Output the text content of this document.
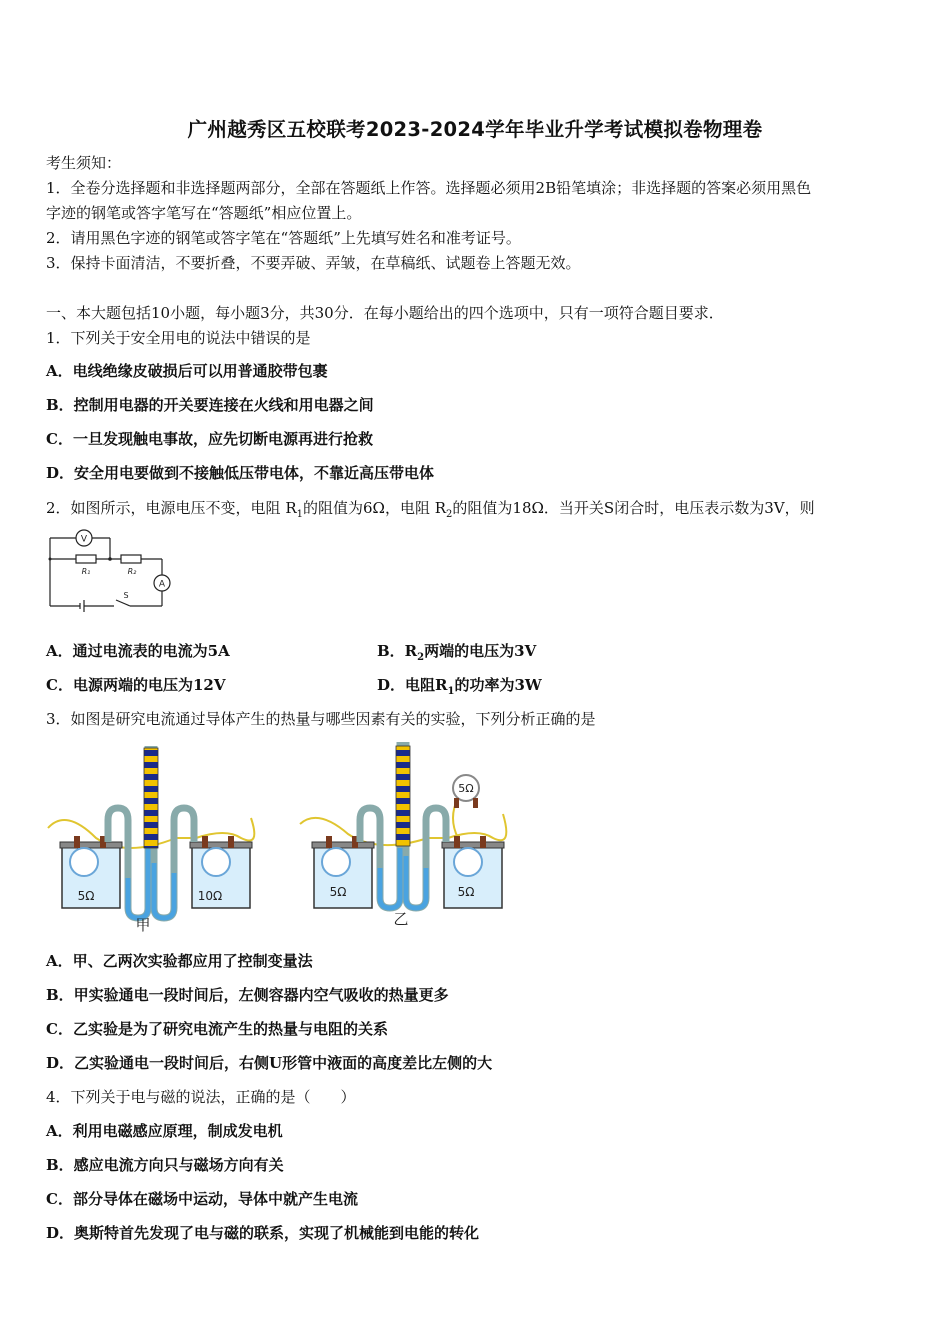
广州越秀区五校联考2023-2024学年毕业升学考试模拟卷物理卷
考生须知：
1．全卷分选择题和非选择题两部分，全部在答题纸上作答。选择题必须用2B铅笔填涂；非选择题的答案必须用黑色
字迹的钢笔或答字笔写在“答题纸”相应位置上。
2．请用黑色字迹的钢笔或答字笔在“答题纸”上先填写姓名和准考证号。
3．保持卡面清洁，不要折叠，不要弄破、弄皱，在草稿纸、试题卷上答题无效。
一、本大题包括10小题，每小题3分，共30分．在每小题给出的四个选项中，只有一项符合题目要求．
1．下列关于安全用电的说法中错误的是
A．电线绝缘皮破损后可以用普通胶带包裹
B．控制用电器的开关要连接在火线和用电器之间
C．一旦发现触电事故，应先切断电源再进行抢救
D．安全用电要做到不接触低压带电体，不靠近高压带电体
2．如图所示，电源电压不变，电阻 $R_1$的阻值为6Ω，电阻 $R_2$的阻值为18Ω．当开关S闭合时，电压表示数为3V，则
V
A
R₁	R₂
S
A．通过电流表的电流为5A	B．$R_2$两端的电压为3V
C．电源两端的电压为12V	D．电阻$R_1$的功率为3W
3．如图是研究电流通过导体产生的热量与哪些因素有关的实验，下列分析正确的是
5Ω	10Ω
甲
5Ω
5Ω	5Ω
乙
A．甲、乙两次实验都应用了控制变量法
B．甲实验通电一段时间后，左侧容器内空气吸收的热量更多
C．乙实验是为了研究电流产生的热量与电阻的关系
D．乙实验通电一段时间后，右侧U形管中液面的高度差比左侧的大
4．下列关于电与磁的说法，正确的是（　　）
A．利用电磁感应原理，制成发电机
B．感应电流方向只与磁场方向有关
C．部分导体在磁场中运动，导体中就产生电流
D．奥斯特首先发现了电与磁的联系，实现了机械能到电能的转化
